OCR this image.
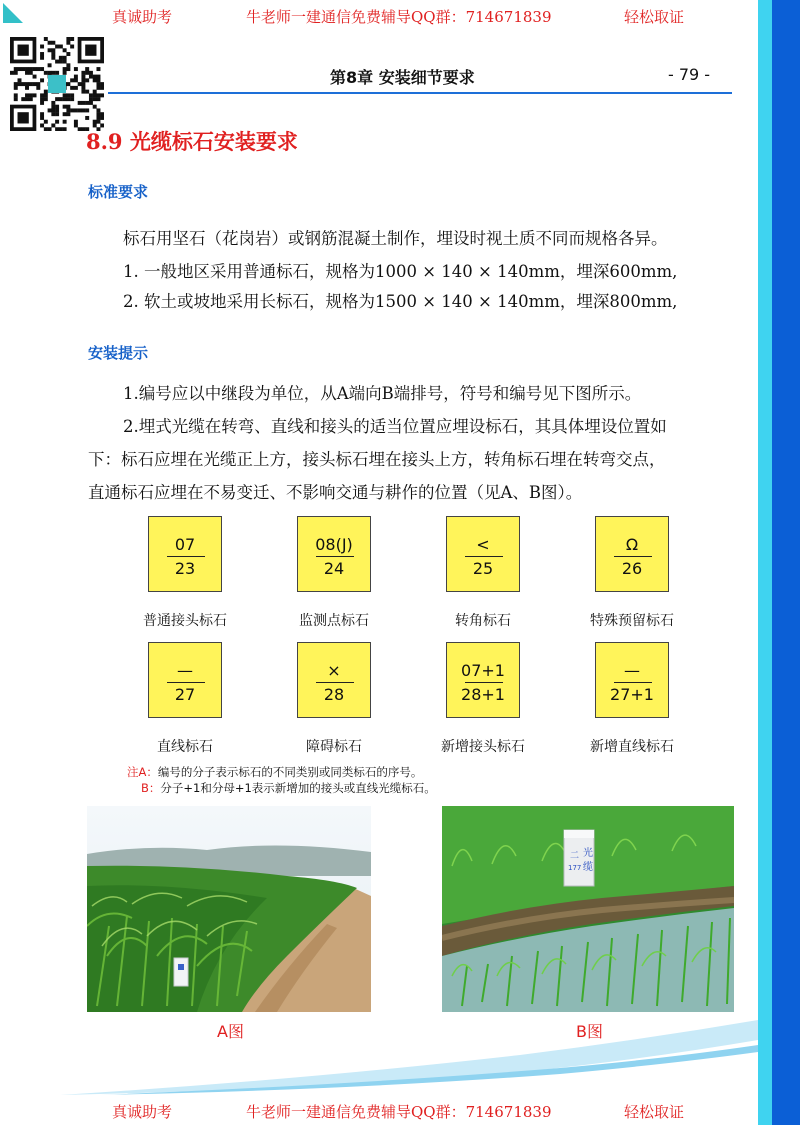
真诚助考	牛老师一建通信免费辅导QQ群：714671839	轻松取证
第8章 安装细节要求	- 79 -
8.9 光缆标石安装要求
标准要求
标石用坚石（花岗岩）或钢筋混凝土制作，埋设时视土质不同而规格各异。
1. 一般地区采用普通标石，规格为1000 × 140 × 140mm，埋深600mm,
2. 软土或坡地采用长标石，规格为1500 × 140 × 140mm，埋深800mm,
安装提示
1.编号应以中继段为单位，从A端向B端排号，符号和编号见下图所示。
2.埋式光缆在转弯、直线和接头的适当位置应埋设标石，其具体埋设位置如
下：标石应埋在光缆正上方，接头标石埋在接头上方，转角标石埋在转弯交点，
直通标石应埋在不易变迁、不影响交通与耕作的位置（见A、B图）。
07
23
08(J)
24
<
25
Ω
26
普通接头标石	监测点标石	转角标石	特殊预留标石
—
27
×
28
07+1
28+1
—
27+1
直线标石	障碍标石	新增接头标石	新增直线标石
注A：编号的分子表示标石的不同类别或同类标石的序号。
B：分子+1和分母+1表示新增加的接头或直线光缆标石。
二
177
光
缆
A图	B图
真诚助考	牛老师一建通信免费辅导QQ群：714671839	轻松取证
